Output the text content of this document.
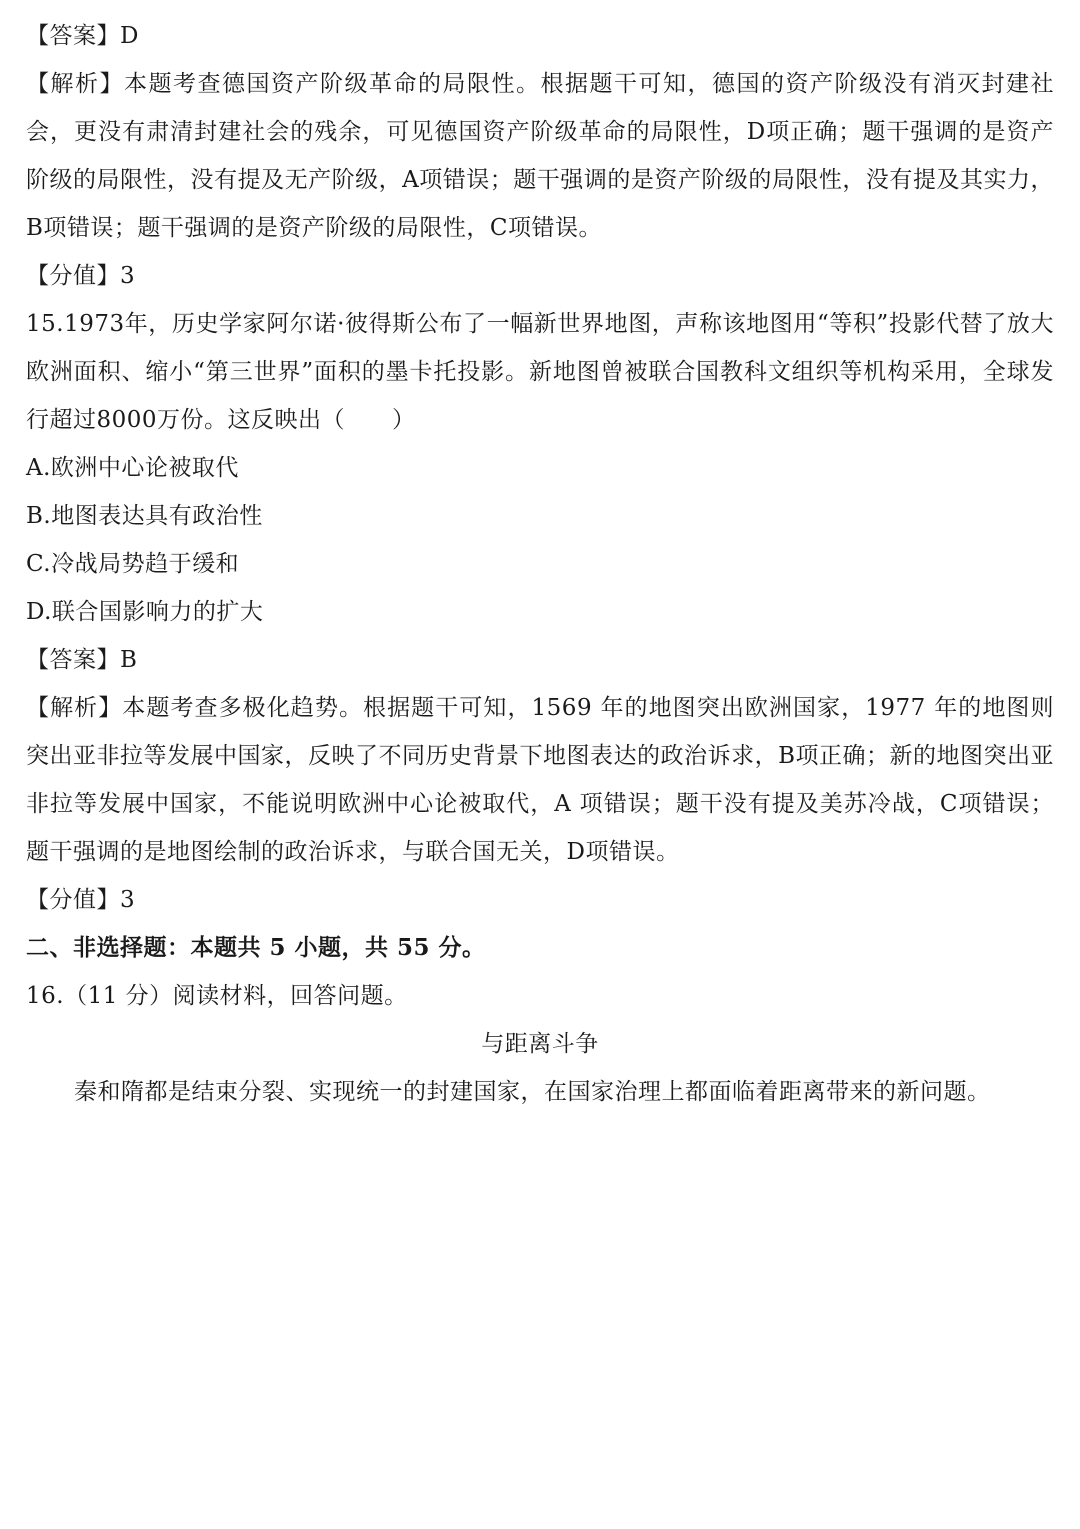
【答案】D

【解析】本题考查德国资产阶级革命的局限性。根据题干可知，德国的资产阶级没有消灭封建社会，更没有肃清封建社会的残余，可见德国资产阶级革命的局限性，D项正确；题干强调的是资产阶级的局限性，没有提及无产阶级，A项错误；题干强调的是资产阶级的局限性，没有提及其实力，B项错误；题干强调的是资产阶级的局限性，C项错误。

【分值】3

15.1973年，历史学家阿尔诺·彼得斯公布了一幅新世界地图，声称该地图用“等积”投影代替了放大欧洲面积、缩小“第三世界”面积的墨卡托投影。新地图曾被联合国教科文组织等机构采用，全球发行超过8000万份。这反映出（　　）

A.欧洲中心论被取代
B.地图表达具有政治性
C.冷战局势趋于缓和
D.联合国影响力的扩大
【答案】B

【解析】本题考查多极化趋势。根据题干可知，1569 年的地图突出欧洲国家，1977 年的地图则突出亚非拉等发展中国家，反映了不同历史背景下地图表达的政治诉求，B项正确；新的地图突出亚非拉等发展中国家，不能说明欧洲中心论被取代，A 项错误；题干没有提及美苏冷战，C项错误；题干强调的是地图绘制的政治诉求，与联合国无关，D项错误。

【分值】3
二、非选择题：本题共 5 小题，共 55 分。
16.（11 分）阅读材料，回答问题。
与距离斗争

秦和隋都是结束分裂、实现统一的封建国家，在国家治理上都面临着距离带来的新问题。
